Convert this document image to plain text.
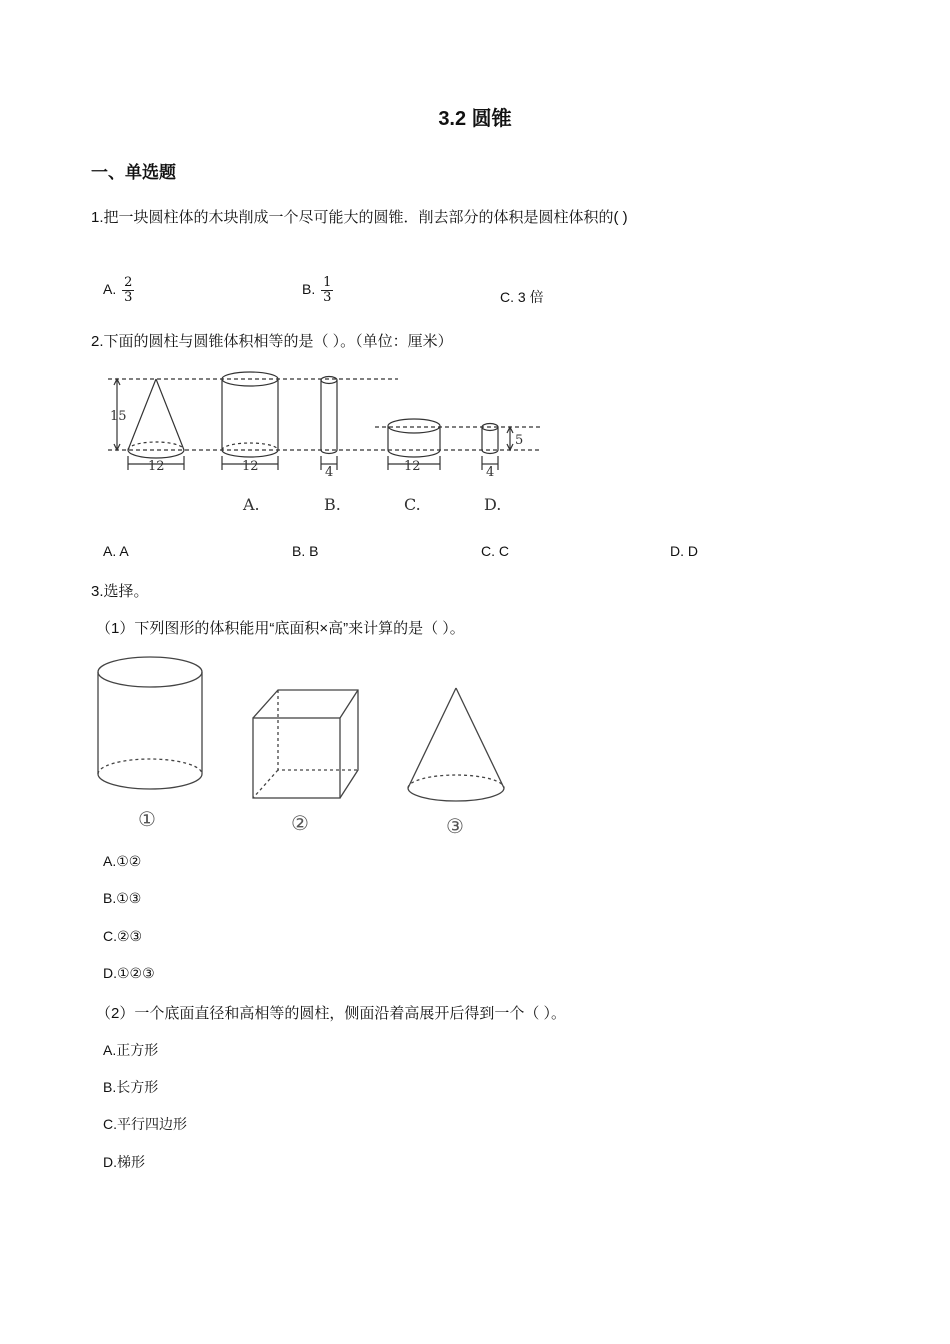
3.2 圆锥
一、单选题
1.把一块圆柱体的木块削成一个尽可能大的圆锥．削去部分的体积是圆柱体积的( )
A. $\frac{2}{3}$	B. $\frac{1}{3}$	C. 3 倍
2.下面的圆柱与圆锥体积相等的是（ ）。（单位：厘米）
15
12	12	4	12	4
5
A.	B.	C.	D.
A. A	B. B	C. C	D. D
3.选择。
（1）下列图形的体积能用“底面积×高”来计算的是（ ）。
①	②	③
A.①②
B.①③
C.②③
D.①②③
（2）一个底面直径和高相等的圆柱，侧面沿着高展开后得到一个（ ）。
A.正方形
B.长方形
C.平行四边形
D.梯形
